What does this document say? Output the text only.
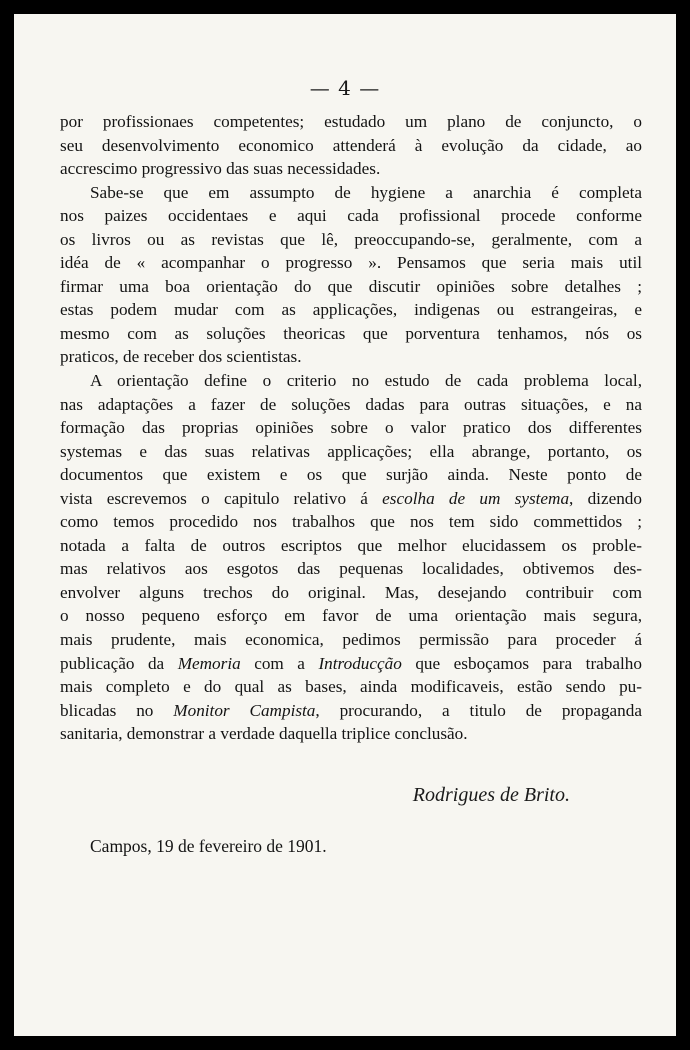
— 4 —

por profissionaes competentes; estudado um plano de conjuncto, o

seu desenvolvimento economico attenderá à evolução da cidade, ao

accrescimo progressivo das suas necessidades.

Sabe-se que em assumpto de hygiene a anarchia é completa

nos paizes occidentaes e aqui cada profissional procede conforme

os livros ou as revistas que lê, preoccupando-se, geralmente, com a

idéa de « acompanhar o progresso ». Pensamos que seria mais util

firmar uma boa orientação do que discutir opiniões sobre detalhes ;

estas podem mudar com as applicações, indigenas ou estrangeiras, e

mesmo com as soluções theoricas que porventura tenhamos, nós os

praticos, de receber dos scientistas.

A orientação define o criterio no estudo de cada problema local,

nas adaptações a fazer de soluções dadas para outras situações, e na

formação das proprias opiniões sobre o valor pratico dos differentes

systemas e das suas relativas applicações; ella abrange, portanto, os

documentos que existem e os que surjão ainda. Neste ponto de

vista escrevemos o capitulo relativo á escolha de um systema, dizendo

como temos procedido nos trabalhos que nos tem sido commettidos ;

notada a falta de outros escriptos que melhor elucidassem os proble-

mas relativos aos esgotos das pequenas localidades, obtivemos des-

envolver alguns trechos do original. Mas, desejando contribuir com

o nosso pequeno esforço em favor de uma orientação mais segura,

mais prudente, mais economica, pedimos permissão para proceder á

publicação da Memoria com a Introducção que esboçamos para trabalho

mais completo e do qual as bases, ainda modificaveis, estão sendo pu-

blicadas no Monitor Campista, procurando, a titulo de propaganda

sanitaria, demonstrar a verdade daquella triplice conclusão.

Rodrigues de Brito.
Campos, 19 de fevereiro de 1901.
